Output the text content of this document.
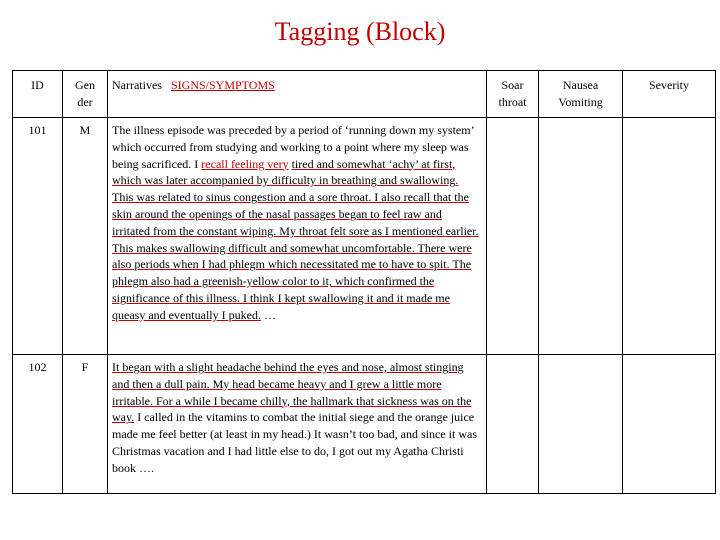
Tagging (Block)
ID	Gen der	Narratives SIGNS/SYMPTOMS	Soar throat	Nausea Vomiting	Severity
101	M	The illness episode was preceded by a period of ‘running down my system’ which occurred from studying and working to a point where my sleep was being sacrificed. I recall feeling very tired and somewhat ‘achy’ at first, which was later accompanied by difficulty in breathing and swallowing. This was related to sinus congestion and a sore throat. I also recall that the skin around the openings of the nasal passages began to feel raw and irritated from the constant wiping. My throat felt sore as I mentioned earlier. This makes swallowing difficult and somewhat uncomfortable. There were also periods when I had phlegm which necessitated me to have to spit. The phlegm also had a greenish-yellow color to it, which confirmed the significance of this illness. I think I kept swallowing it and it made me queasy and eventually I puked. …			
102	F	It began with a slight headache behind the eyes and nose, almost stinging and then a dull pain. My head became heavy and I grew a little more irritable. For a while I became chilly, the hallmark that sickness was on the way. I called in the vitamins to combat the initial siege and the orange juice made me feel better (at least in my head.) It wasn’t too bad, and since it was Christmas vacation and I had little else to do, I got out my Agatha Christi book ….			
